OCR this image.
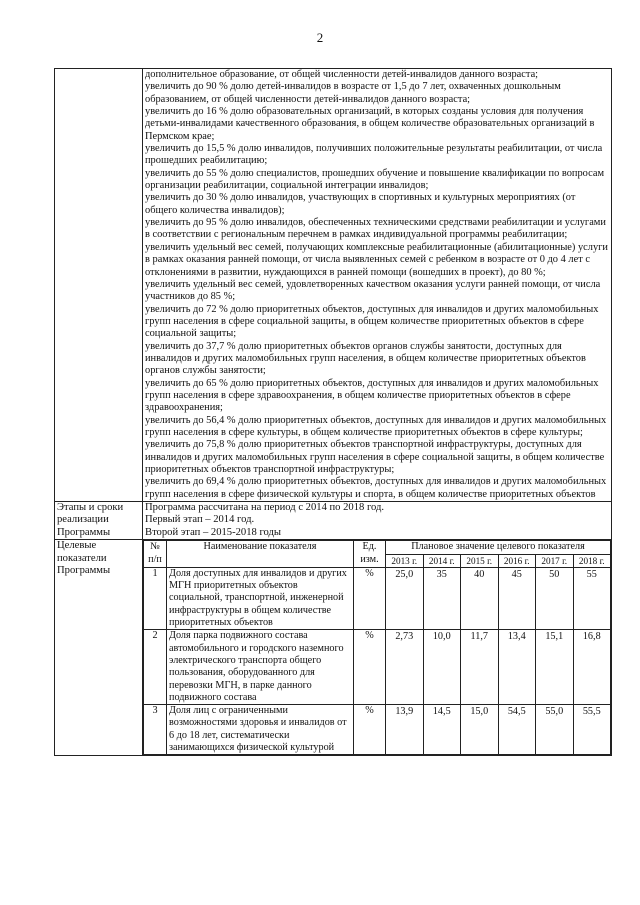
2

дополнительное образование, от общей численности детей-инвалидов данного возраста;
увеличить до 90 % долю детей-инвалидов в возрасте от 1,5 до 7 лет, охваченных дошкольным образованием, от общей численности детей-инвалидов данного возраста;
увеличить до 16 % долю образовательных организаций, в которых созданы условия для получения детьми-инвалидами качественного образования, в общем количестве образовательных организаций в Пермском крае;
увеличить до 15,5 % долю инвалидов, получивших положительные результаты реабилитации, от числа прошедших реабилитацию;
увеличить до 55 % долю специалистов, прошедших обучение и повышение квалификации по вопросам организации реабилитации, социальной интеграции инвалидов;
увеличить до 30 % долю инвалидов, участвующих в спортивных и культурных мероприятиях (от общего количества инвалидов);
увеличить до 95 % долю инвалидов, обеспеченных техническими средствами реабилитации и услугами в соответствии с региональным перечнем в рамках индивидуальной программы реабилитации;
увеличить удельный вес семей, получающих комплексные реабилитационные (абилитационные) услуги в рамках оказания ранней помощи, от числа выявленных семей с ребенком в возрасте от 0 до 4 лет с отклонениями в развитии, нуждающихся в ранней помощи (вошедших в проект), до 80 %;
увеличить удельный вес семей, удовлетворенных качеством оказания услуги ранней помощи, от числа участников до 85 %;
увеличить до 72 % долю приоритетных объектов, доступных для инвалидов и других маломобильных групп населения в сфере социальной защиты, в общем количестве приоритетных объектов в сфере социальной защиты;
увеличить до 37,7 % долю приоритетных объектов органов службы занятости, доступных для инвалидов и других маломобильных групп населения, в общем количестве приоритетных объектов органов службы занятости;
увеличить до 65 % долю приоритетных объектов, доступных для инвалидов и других маломобильных групп населения в сфере здравоохранения, в общем количестве приоритетных объектов в сфере здравоохранения;
увеличить до 56,4 % долю приоритетных объектов, доступных для инвалидов и других маломобильных групп населения в сфере культуры, в общем количестве приоритетных объектов в сфере культуры;
увеличить до 75,8 % долю приоритетных объектов транспортной инфраструктуры, доступных для инвалидов и других маломобильных групп населения в сфере социальной защиты, в общем количестве приоритетных объектов транспортной инфраструктуры;
увеличить до 69,4 % долю приоритетных объектов, доступных для инвалидов и других маломобильных групп населения в сфере физической культуры и спорта, в общем количестве приоритетных объектов

Этапы и сроки реализации Программы	
Программа рассчитана на период с 2014 по 2018 год.
Первый этап – 2014 год.
Второй этап – 2015-2018 годы

Целевые показатели Программы	
№ п/п	Наименование показателя	Ед. изм.	Плановое значение целевого показателя
2013 г.	2014 г.	2015 г.	2016 г.	2017 г.	2018 г.
1	Доля доступных для инвалидов и других МГН приоритетных объектов социальной, транспортной, инженерной инфраструктуры в общем количестве приоритетных объектов	%	25,0	35	40	45	50	55
2	Доля парка подвижного состава автомобильного и городского наземного электрического транспорта общего пользования, оборудованного для перевозки МГН, в парке данного подвижного состава	%	2,73	10,0	11,7	13,4	15,1	16,8
3	Доля лиц с ограниченными возможностями здоровья и инвалидов от 6 до 18 лет, систематически занимающихся физической культурой	%	13,9	14,5	15,0	54,5	55,0	55,5
